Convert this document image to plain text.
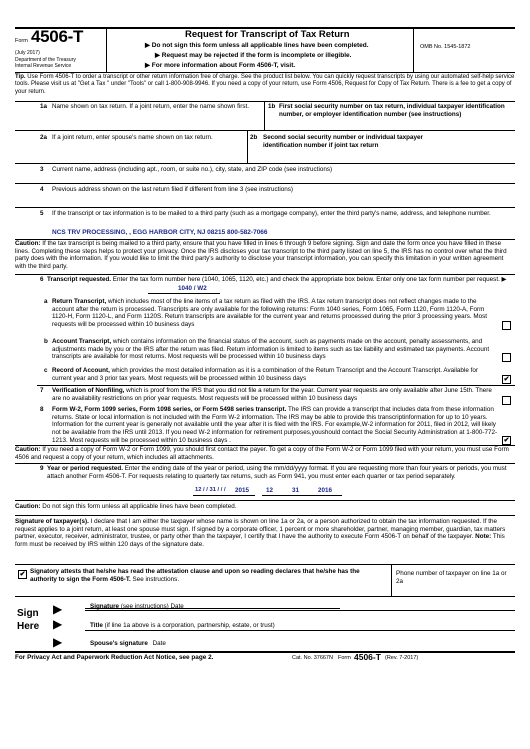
Form 4506-T
(July 2017)
Department of the Treasury
Internal Revenue Service
Request for Transcript of Tax Return
▶ Do not sign this form unless all applicable lines have been completed.
▶ Request may be rejected if the form is incomplete or illegible.
▶ For more information about Form 4506-T, visit.
OMB No. 1545-1872
Tip. Use Form 4506-T to order a transcript or other return information free of charge. See the product list below. You can quickly request transcripts by using our automated self-help service tools. Please visit us at "Get a Tax " under "Tools" or call 1-800-908-9946. If you need a copy of your return, use Form 4506, Request for Copy of Tax Return. There is a fee to get a copy of your return.
1a Name shown on tax return. If a joint return, enter the name shown first.	1b First social security number on tax return, individual taxpayer identification number, or employer identification number (see instructions)
2a If a joint return, enter spouse's name shown on tax return.	2b Second social security number or individual taxpayer identification number if joint tax return
3 Current name, address (including apt., room, or suite no.), city, state, and ZIP code (see instructions)
4 Previous address shown on the last return filed if different from line 3 (see instructions)
5 If the transcript or tax information is to be mailed to a third party (such as a mortgage company), enter the third party's name, address, and telephone number.
NCS TRV PROCESSING, , EGG HARBOR CITY, NJ 08215 800-582-7066
Caution: If the tax transcript is being mailed to a third party, ensure that you have filled in lines 6 through 9 before signing. Sign and date the form once you have filled in these lines. Completing these steps helps to protect your privacy. Once the IRS discloses your tax transcript to the third party listed on line 5, the IRS has no control over what the third party does with the information. If you would like to limit the third party's authority to disclose your transcript information, you can specify this limitation in your written agreement with the third party.
6 Transcript requested. Enter the tax form number here (1040, 1065, 1120, etc.) and check the appropriate box below. Enter only one tax form number per request. ▶
1040 / W2
a Return Transcript, which includes most of the line items of a tax return as filed with the IRS. A tax return transcript does not reflect changes made to the account after the return is processed. Transcripts are only available for the following returns: Form 1040 series, Form 1065, Form 1120, Form 1120-A, Form 1120-H, Form 1120-L, and Form 1120S. Return transcripts are available for the current year and returns processed during the prior 3 processing years. Most requests will be processed within 10 business days
b Account Transcript, which contains information on the financial status of the account, such as payments made on the account, penalty assessments, and adjustments made by you or the IRS after the return was filed. Return information is limited to items such as tax liability and estimated tax payments. Account transcripts are available for most returns. Most requests will be processed within 10 business days
c Record of Account, which provides the most detailed information as it is a combination of the Return Transcript and the Account Transcript. Available for current year and 3 prior tax years. Most requests will be processed within 10 business days	✔
7 Verification of Nonfiling, which is proof from the IRS that you did not file a return for the year. Current year requests are only available after June 15th. There are no availability restrictions on prior year requests. Most requests will be processed within 10 business days
8 Form W-2, Form 1099 series, Form 1098 series, or Form 5498 series transcript. The IRS can provide a transcript that includes data from these information returns. State or local information is not included with the Form W-2 information. The IRS may be able to provide this transcriptinformation for up to 10 years. Information for the current year is generally not available until the year after it is filed with the IRS. For example,W-2 information for 2011, filed in 2012, will likely not be available from the IRS until 2013. If you need W-2 information for retirement purposes,youshould contact the Social Security Administration at 1-800-772-1213. Most requests will be processed within 10 business days .	✔
Caution: If you need a copy of Form W-2 or Form 1099, you should first contact the payer. To get a copy of the Form W-2 or Form 1099 filed with your return, you must use Form 4506 and request a copy of your return, which includes all attachments.
9 Year or period requested. Enter the ending date of the year or period, using the mm/dd/yyyy format. If you are requesting more than four years or periods, you must attach another Form 4506-T. For requests relating to quarterly tax returns, such as Form 941, you must enter each quarter or tax period separately.
12 / / 31 / / / 2015	12	31	2016
Caution: Do not sign this form unless all applicable lines have been completed.
Signature of taxpayer(s). I declare that I am either the taxpayer whose name is shown on line 1a or 2a, or a person authorized to obtain the tax information requested. If the request applies to a joint return, at least one spouse must sign. If signed by a corporate officer, 1 percent or more shareholder, partner, managing member, guardian, tax matters partner, executor, receiver, administrator, trustee, or party other than the taxpayer, I certify that I have the authority to execute Form 4506-T on behalf of the taxpayer. Note: This form must be received by IRS within 120 days of the signature date.
✔ Signatory attests that he/she has read the attestation clause and upon so reading declares that he/she has the authority to sign the Form 4506-T. See instructions.
Phone number of taxpayer on line 1a or 2a
Sign
Here
▶	Signature (see instructions) Date
▶	Title (if line 1a above is a corporation, partnership, estate, or trust)
▶	Spouse's signature Date
For Privacy Act and Paperwork Reduction Act Notice, see page 2.	Cat. No. 37667N Form 4506-T (Rev. 7-2017)
